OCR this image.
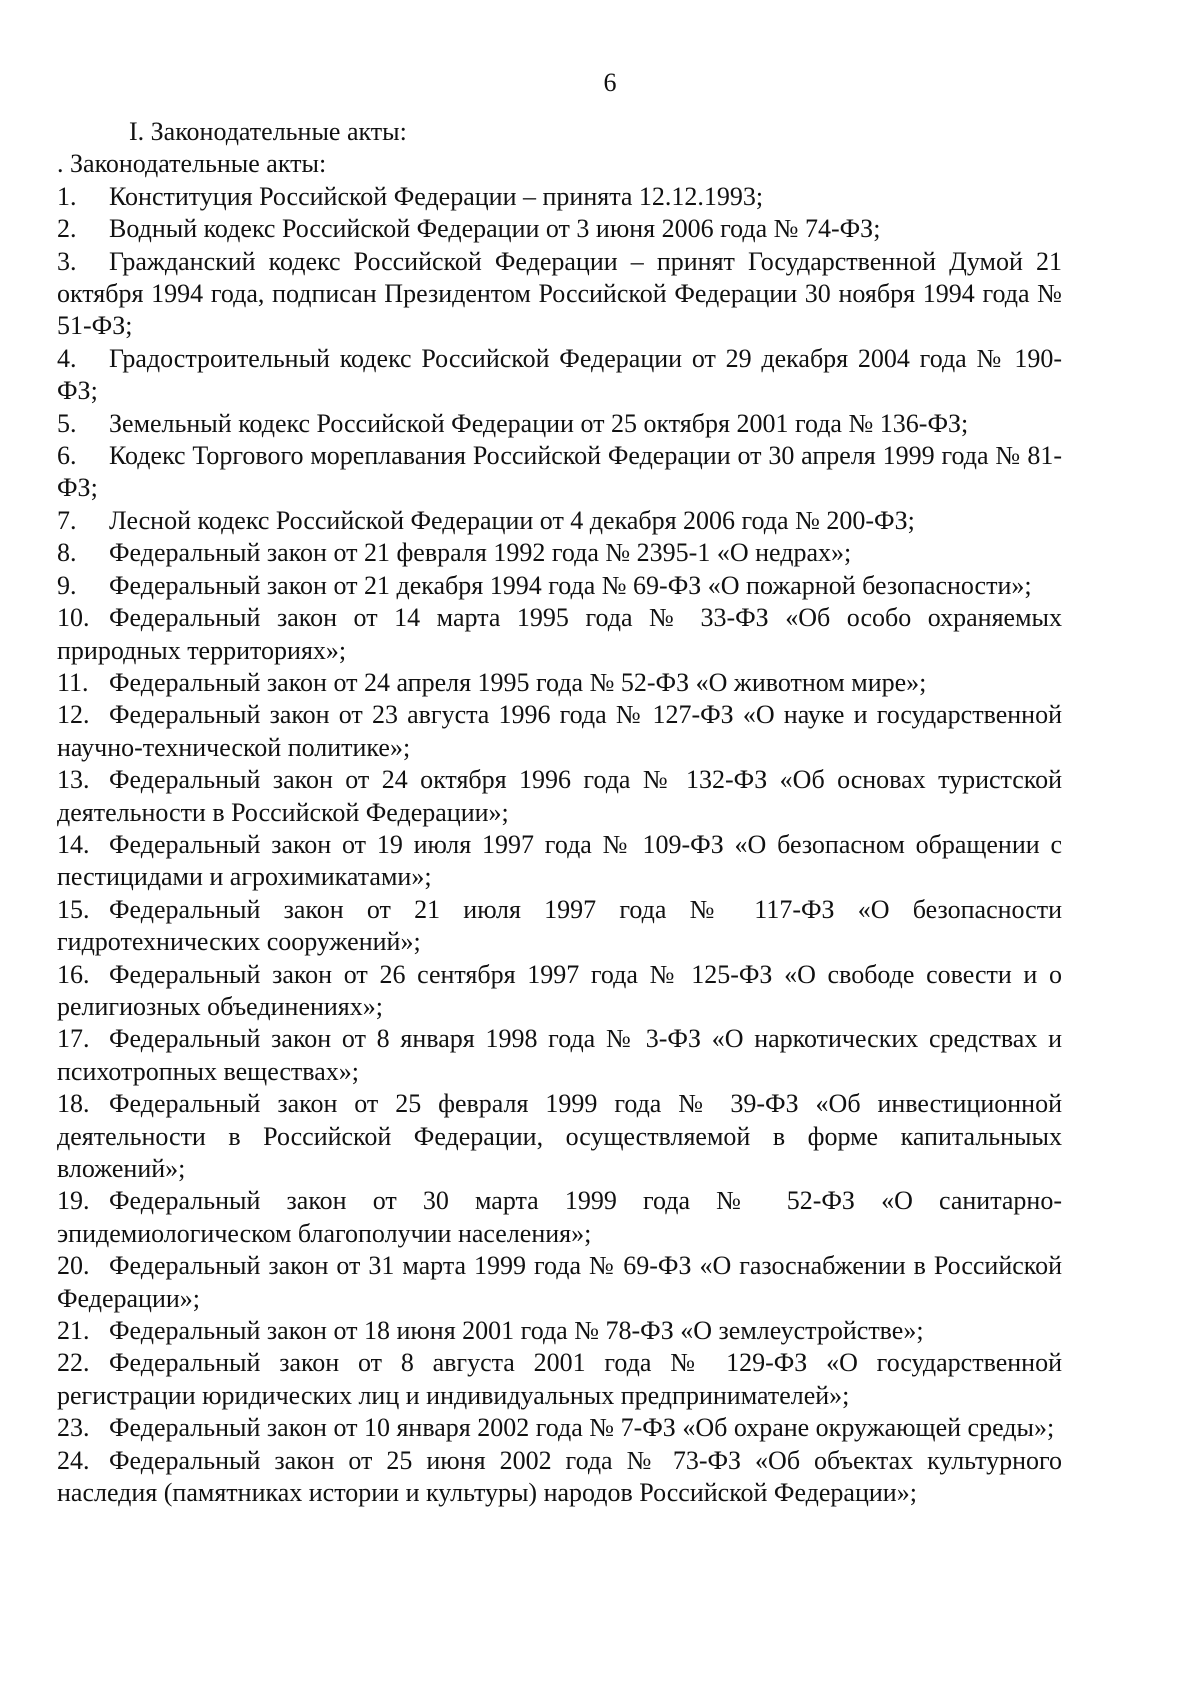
6
I. Законодательные акты:
. Законодательные акты:
1. Конституция Российской Федерации – принята 12.12.1993;
2. Водный кодекс Российской Федерации от 3 июня 2006 года № 74-ФЗ;
3. Гражданский кодекс Российской Федерации – принят Государственной Думой 21 октября 1994 года, подписан Президентом Российской Федерации 30 ноября 1994 года № 51-ФЗ;
4. Градостроительный кодекс Российской Федерации от 29 декабря 2004 года № 190-ФЗ;
5. Земельный кодекс Российской Федерации от 25 октября 2001 года № 136-ФЗ;
6. Кодекс Торгового мореплавания Российской Федерации от 30 апреля 1999 года № 81-ФЗ;
7. Лесной кодекс Российской Федерации от 4 декабря 2006 года № 200-ФЗ;
8. Федеральный закон от 21 февраля 1992 года № 2395-1 «О недрах»;
9. Федеральный закон от 21 декабря 1994 года № 69-ФЗ «О пожарной безопасности»;
10. Федеральный закон от 14 марта 1995 года № 33-ФЗ «Об особо охраняемых природных территориях»;
11. Федеральный закон от 24 апреля 1995 года № 52-ФЗ «О животном мире»;
12. Федеральный закон от 23 августа 1996 года № 127-ФЗ «О науке и государственной научно-технической политике»;
13. Федеральный закон от 24 октября 1996 года № 132-ФЗ «Об основах туристской деятельности в Российской Федерации»;
14. Федеральный закон от 19 июля 1997 года № 109-ФЗ «О безопасном обращении с пестицидами и агрохимикатами»;
15. Федеральный закон от 21 июля 1997 года № 117-ФЗ «О безопасности гидротехнических сооружений»;
16. Федеральный закон от 26 сентября 1997 года № 125-ФЗ «О свободе совести и о религиозных объединениях»;
17. Федеральный закон от 8 января 1998 года № 3-ФЗ «О наркотических средствах и психотропных веществах»;
18. Федеральный закон от 25 февраля 1999 года № 39-ФЗ «Об инвестиционной деятельности в Российской Федерации, осуществляемой в форме капитальныых вложений»;
19. Федеральный закон от 30 марта 1999 года № 52-ФЗ «О санитарно-эпидемиологическом благополучии населения»;
20. Федеральный закон от 31 марта 1999 года № 69-ФЗ «О газоснабжении в Российской Федерации»;
21. Федеральный закон от 18 июня 2001 года № 78-ФЗ «О землеустройстве»;
22. Федеральный закон от 8 августа 2001 года № 129-ФЗ «О государственной регистрации юридических лиц и индивидуальных предпринимателей»;
23. Федеральный закон от 10 января 2002 года № 7-ФЗ «Об охране окружающей среды»;
24. Федеральный закон от 25 июня 2002 года № 73-ФЗ «Об объектах культурного наследия (памятниках истории и культуры) народов Российской Федерации»;
